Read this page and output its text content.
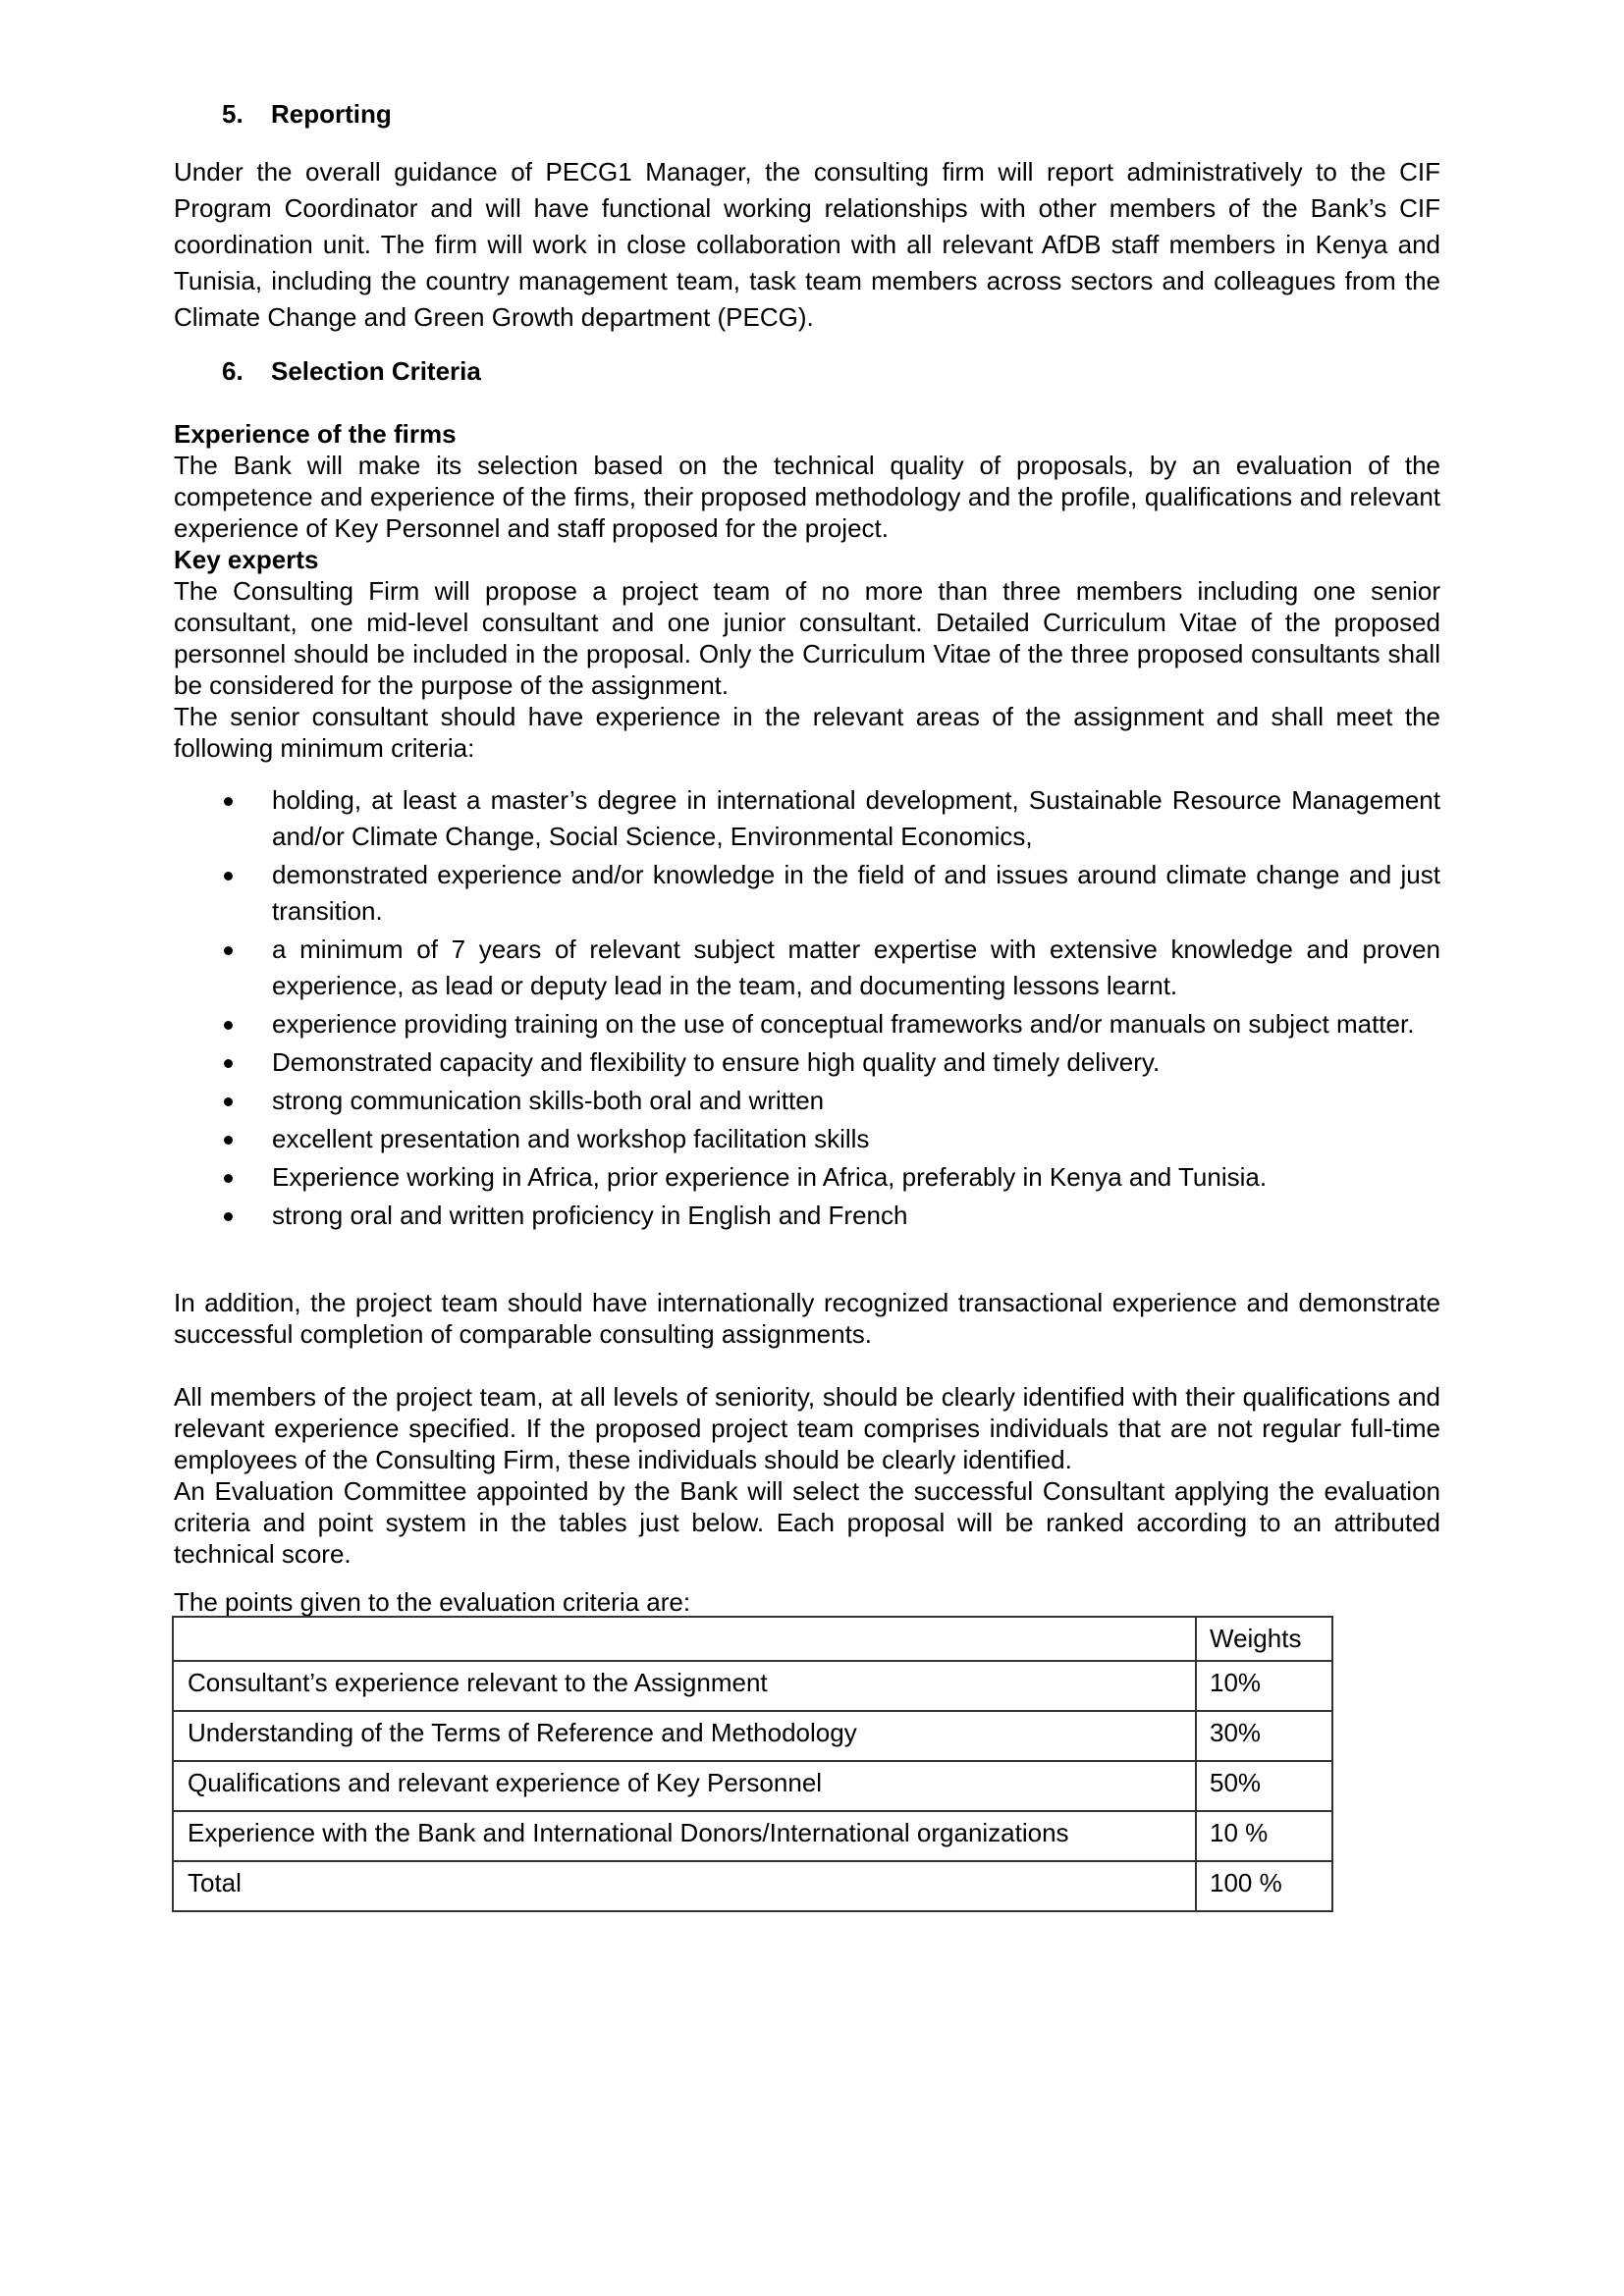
5. Reporting

Under the overall guidance of PECG1 Manager, the consulting firm will report administratively to the CIF Program Coordinator and will have functional working relationships with other members of the Bank’s CIF coordination unit. The firm will work in close collaboration with all relevant AfDB staff members in Kenya and Tunisia, including the country management team, task team members across sectors and colleagues from the Climate Change and Green Growth department (PECG).

6. Selection Criteria
Experience of the firms

The Bank will make its selection based on the technical quality of proposals, by an evaluation of the competence and experience of the firms, their proposed methodology and the profile, qualifications and relevant experience of Key Personnel and staff proposed for the project.

Key experts

The Consulting Firm will propose a project team of no more than three members including one senior consultant, one mid-level consultant and one junior consultant. Detailed Curriculum Vitae of the proposed personnel should be included in the proposal. Only the Curriculum Vitae of the three proposed consultants shall be considered for the purpose of the assignment.

The senior consultant should have experience in the relevant areas of the assignment and shall meet the following minimum criteria:

holding, at least a master’s degree in international development, Sustainable Resource Management and/or Climate Change, Social Science, Environmental Economics,
demonstrated experience and/or knowledge in the field of and issues around climate change and just transition.
a minimum of 7 years of relevant subject matter expertise with extensive knowledge and proven experience, as lead or deputy lead in the team, and documenting lessons learnt.
experience providing training on the use of conceptual frameworks and/or manuals on subject matter.
Demonstrated capacity and flexibility to ensure high quality and timely delivery.
strong communication skills-both oral and written
excellent presentation and workshop facilitation skills
Experience working in Africa, prior experience in Africa, preferably in Kenya and Tunisia.
strong oral and written proficiency in English and French

In addition, the project team should have internationally recognized transactional experience and demonstrate successful completion of comparable consulting assignments.

All members of the project team, at all levels of seniority, should be clearly identified with their qualifications and relevant experience specified. If the proposed project team comprises individuals that are not regular full-time employees of the Consulting Firm, these individuals should be clearly identified.

An Evaluation Committee appointed by the Bank will select the successful Consultant applying the evaluation criteria and point system in the tables just below. Each proposal will be ranked according to an attributed technical score.

The points given to the evaluation criteria are:

	Weights
Consultant’s experience relevant to the Assignment	10%
Understanding of the Terms of Reference and Methodology	30%
Qualifications and relevant experience of Key Personnel	50%
Experience with the Bank and International Donors/International organizations	10 %
Total	100 %
